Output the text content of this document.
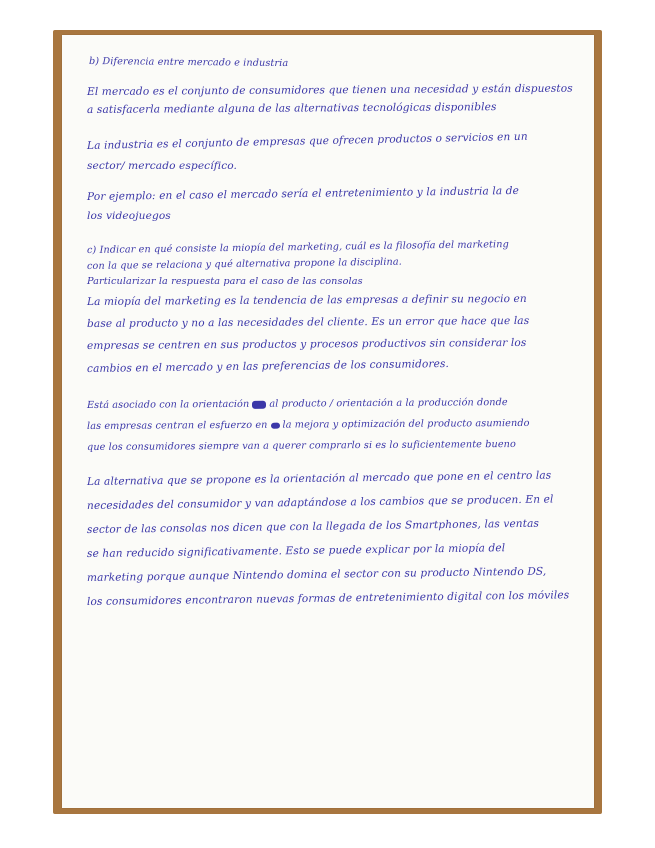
b) Diferencia entre mercado e industria
El mercado es el conjunto de consumidores que tienen una necesidad y están dispuestos
a satisfacerla mediante alguna de las alternativas tecnológicas disponibles
La industria es el conjunto de empresas que ofrecen productos o servicios en un
sector/ mercado específico.
Por ejemplo: en el caso el mercado sería el entretenimiento y la industria la de
los videojuegos
c) Indicar en qué consiste la miopía del marketing, cuál es la filosofía del marketing
con la que se relaciona y qué alternativa propone la disciplina.
Particularizar la respuesta para el caso de las consolas
La miopía del marketing es la tendencia de las empresas a definir su negocio en
base al producto y no a las necesidades del cliente. Es un error que hace que las
empresas se centren en sus productos y procesos productivos sin considerar los
cambios en el mercado y en las preferencias de los consumidores.
Está asociado con la orientación al producto / orientación a la producción donde
las empresas centran el esfuerzo en la mejora y optimización del producto asumiendo
que los consumidores siempre van a querer comprarlo si es lo suficientemente bueno
La alternativa que se propone es la orientación al mercado que pone en el centro las
necesidades del consumidor y van adaptándose a los cambios que se producen. En el
sector de las consolas nos dicen que con la llegada de los Smartphones, las ventas
se han reducido significativamente. Esto se puede explicar por la miopía del
marketing porque aunque Nintendo domina el sector con su producto Nintendo DS,
los consumidores encontraron nuevas formas de entretenimiento digital con los móviles
